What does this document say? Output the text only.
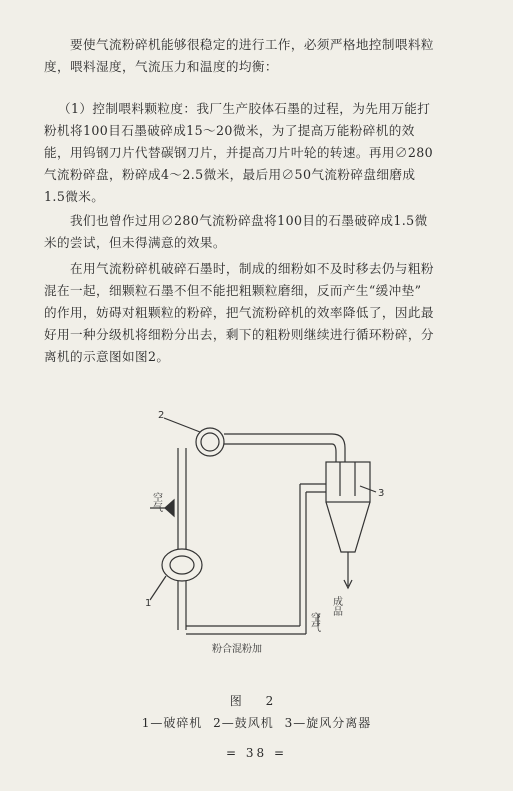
要使气流粉碎机能够很稳定的进行工作，必须严格地控制喂料粒
度，喂料湿度，气流压力和温度的均衡：

（1）控制喂料颗粒度：我厂生产胶体石墨的过程，为先用万能打
粉机将100目石墨破碎成15～20微米，为了提高万能粉碎机的效
能，用钨钢刀片代替碳钢刀片，并提高刀片叶轮的转速。再用∅280
气流粉碎盘，粉碎成4～2.5微米，最后用∅50气流粉碎盘细磨成
1.5微米。

我们也曾作过用∅280气流粉碎盘将100目的石墨破碎成1.5微
米的尝试，但未得满意的效果。

在用气流粉碎机破碎石墨时，制成的细粉如不及时移去仍与粗粉
混在一起，细颗粒石墨不但不能把粗颗粒磨细，反而产生“缓冲垫”
的作用，妨碍对粗颗粒的粉碎，把气流粉碎机的效率降低了，因此最
好用一种分级机将细粉分出去，剩下的粗粉则继续进行循环粉碎，分
离机的示意图如图2。

2
3
1
空气
成品
空气
粉合混粉加
图 2
1—破碎机 2—鼓风机 3—旋风分离器
= 38 =
